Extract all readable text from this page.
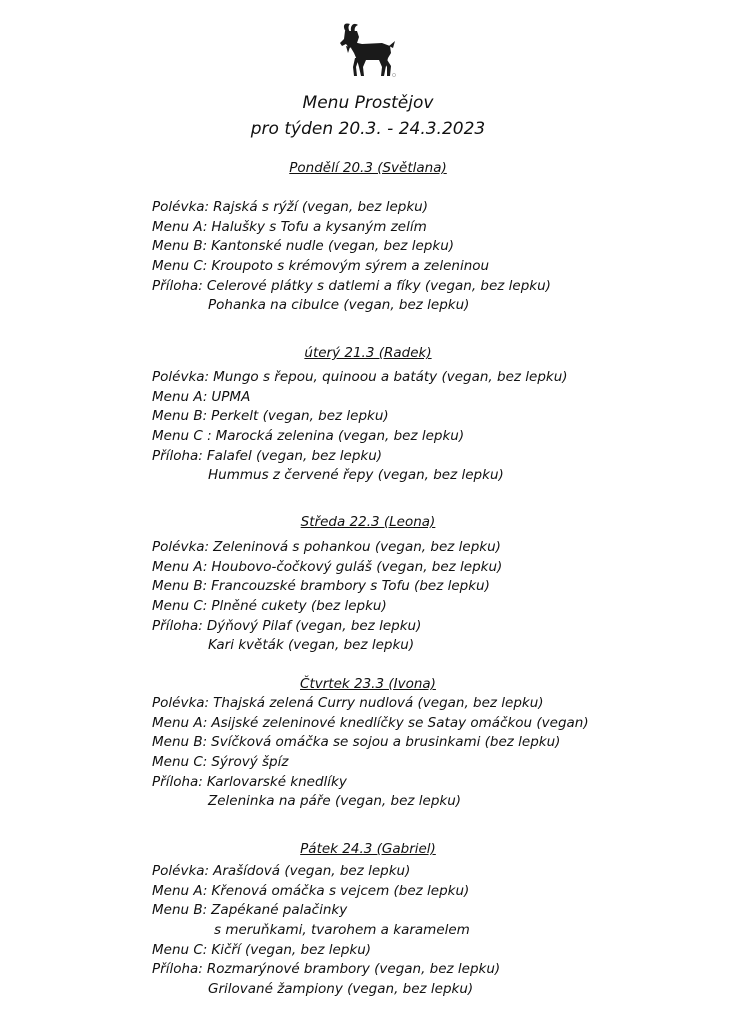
Menu Prostějov
pro týden 20.3. - 24.3.2023
Pondělí 20.3 (Světlana)
Polévka: Rajská s rýží (vegan, bez lepku)
Menu A: Halušky s Tofu a kysaným zelím
Menu B: Kantonské nudle (vegan, bez lepku)
Menu C: Kroupoto s krémovým sýrem a zeleninou
Příloha: Celerové plátky s datlemi a fíky (vegan, bez lepku)
Pohanka na cibulce (vegan, bez lepku)
úterý 21.3 (Radek)
Polévka: Mungo s řepou, quinoou a batáty (vegan, bez lepku)
Menu A: UPMA
Menu B: Perkelt (vegan, bez lepku)
Menu C : Marocká zelenina (vegan, bez lepku)
Příloha: Falafel (vegan, bez lepku)
Hummus z červené řepy (vegan, bez lepku)
Středa 22.3 (Leona)
Polévka: Zeleninová s pohankou (vegan, bez lepku)
Menu A: Houbovo-čočkový guláš (vegan, bez lepku)
Menu B: Francouzské brambory s Tofu (bez lepku)
Menu C: Plněné cukety (bez lepku)
Příloha: Dýňový Pilaf (vegan, bez lepku)
Kari květák (vegan, bez lepku)
Čtvrtek 23.3 (Ivona)
Polévka: Thajská zelená Curry nudlová (vegan, bez lepku)
Menu A: Asijské zeleninové knedlíčky se Satay omáčkou (vegan)
Menu B: Svíčková omáčka se sojou a brusinkami (bez lepku)
Menu C: Sýrový špíz
Příloha: Karlovarské knedlíky
Zeleninka na páře (vegan, bez lepku)
Pátek 24.3 (Gabriel)
Polévka: Arašídová (vegan, bez lepku)
Menu A: Křenová omáčka s vejcem (bez lepku)
Menu B: Zapékané palačinky
s meruňkami, tvarohem a karamelem
Menu C: Kičří (vegan, bez lepku)
Příloha: Rozmarýnové brambory (vegan, bez lepku)
Grilované žampiony (vegan, bez lepku)
